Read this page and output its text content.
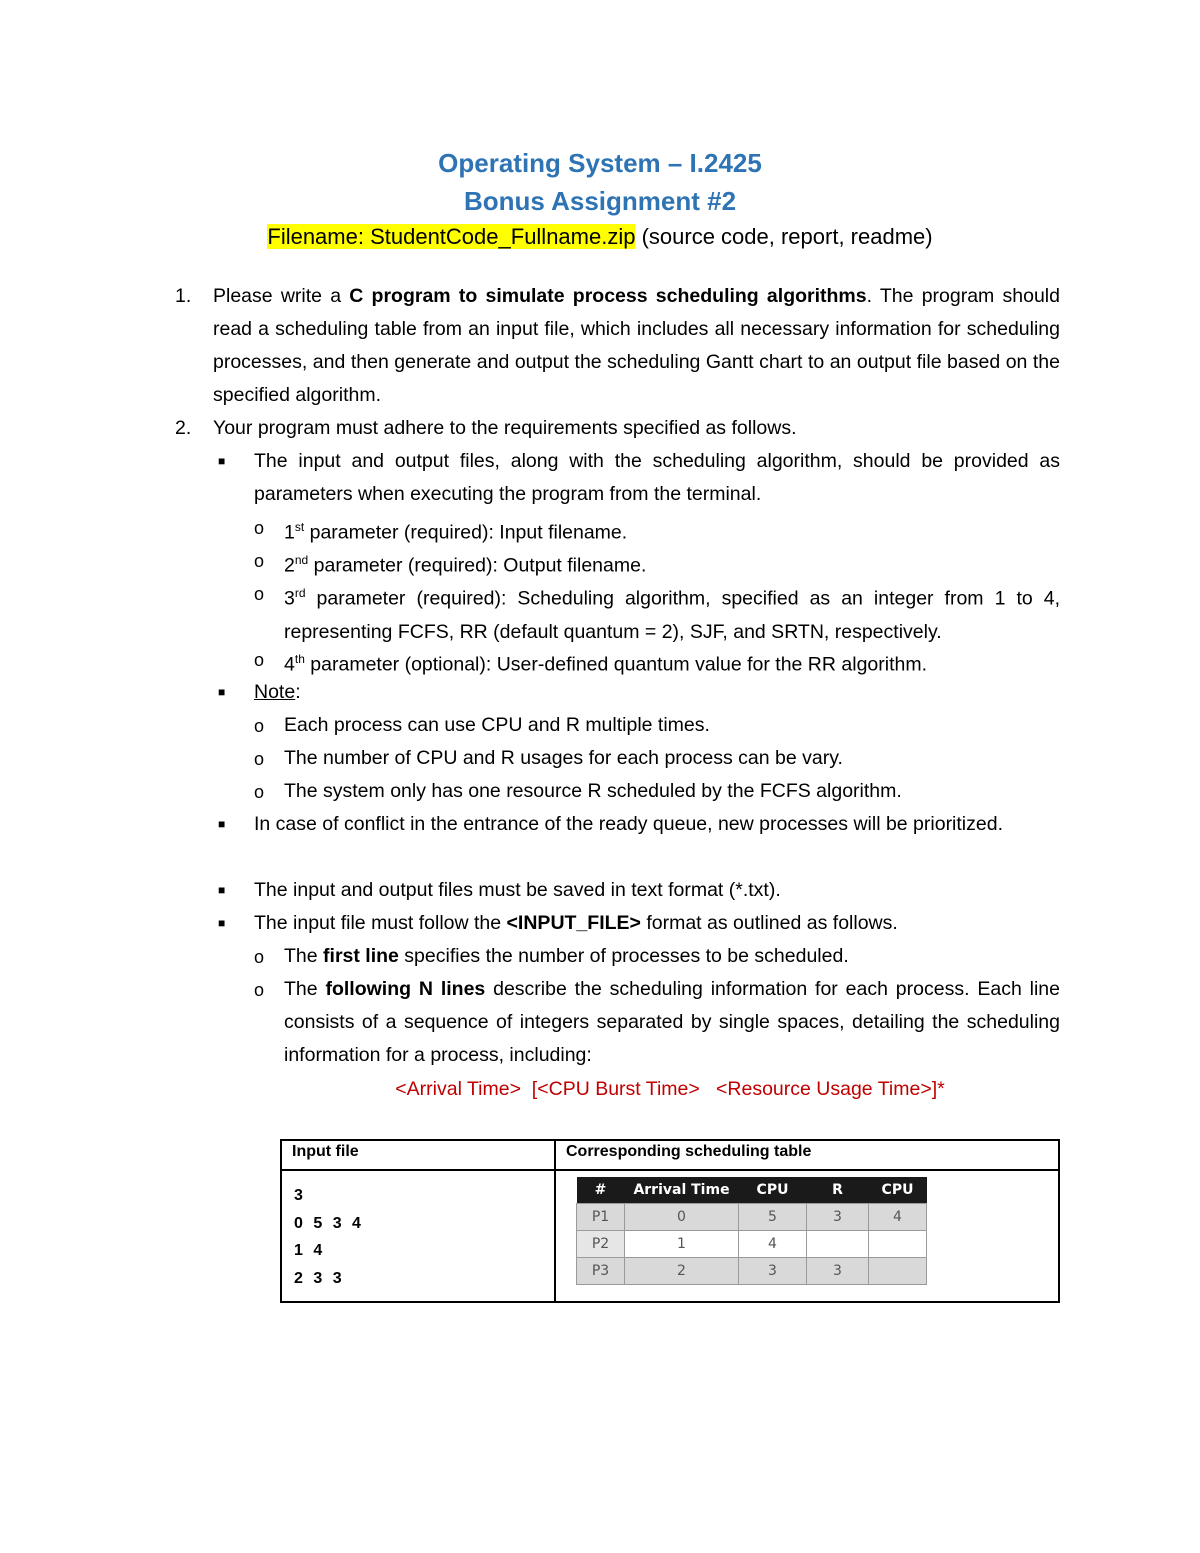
Operating System – I.2425
Bonus Assignment #2
Filename: StudentCode_Fullname.zip (source code, report, readme)
1. Please write a C program to simulate process scheduling algorithms. The program should read a scheduling table from an input file, which includes all necessary information for scheduling processes, and then generate and output the scheduling Gantt chart to an output file based on the specified algorithm.
2. Your program must adhere to the requirements specified as follows.
■ The input and output files, along with the scheduling algorithm, should be provided as parameters when executing the program from the terminal.
o 1st parameter (required): Input filename.
o 2nd parameter (required): Output filename.
o 3rd parameter (required): Scheduling algorithm, specified as an integer from 1 to 4, representing FCFS, RR (default quantum = 2), SJF, and SRTN, respectively.
o 4th parameter (optional): User-defined quantum value for the RR algorithm.
■ Note:
o Each process can use CPU and R multiple times.
o The number of CPU and R usages for each process can be vary.
o The system only has one resource R scheduled by the FCFS algorithm.
■ In case of conflict in the entrance of the ready queue, new processes will be prioritized.
■ The input and output files must be saved in text format (*.txt).
■ The input file must follow the <INPUT_FILE> format as outlined as follows.
o The first line specifies the number of processes to be scheduled.
o The following N lines describe the scheduling information for each process. Each line consists of a sequence of integers separated by single spaces, detailing the scheduling information for a process, including:
<Arrival Time>  [<CPU Burst Time>   <Resource Usage Time>]*
Input file	Corresponding scheduling table
3
0 5 3 4
1 4
2 3 3
#	Arrival Time	CPU	R	CPU
P1	0	5	3	4
P2	1	4		
P3	2	3	3	
